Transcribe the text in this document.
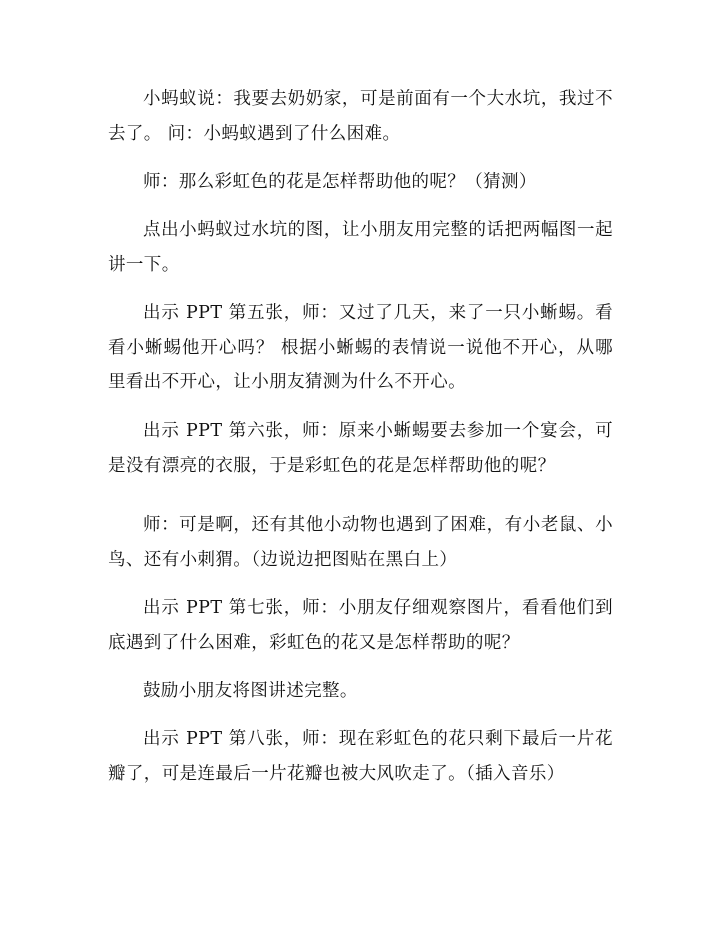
小蚂蚁说：我要去奶奶家，可是前面有一个大水坑，我过不去了。 问：小蚂蚁遇到了什么困难。

师：那么彩虹色的花是怎样帮助他的呢？（猜测）

点出小蚂蚁过水坑的图，让小朋友用完整的话把两幅图一起讲一下。

出示 PPT 第五张，师：又过了几天，来了一只小蜥蜴。看看小蜥蜴他开心吗？ 根据小蜥蜴的表情说一说他不开心，从哪里看出不开心，让小朋友猜测为什么不开心。

出示 PPT 第六张，师：原来小蜥蜴要去参加一个宴会，可是没有漂亮的衣服，于是彩虹色的花是怎样帮助他的呢？

师：可是啊，还有其他小动物也遇到了困难，有小老鼠、小鸟、还有小刺猬。（边说边把图贴在黑白上）

出示 PPT 第七张，师：小朋友仔细观察图片，看看他们到底遇到了什么困难，彩虹色的花又是怎样帮助的呢？

鼓励小朋友将图讲述完整。

出示 PPT 第八张，师：现在彩虹色的花只剩下最后一片花瓣了，可是连最后一片花瓣也被大风吹走了。（插入音乐）
